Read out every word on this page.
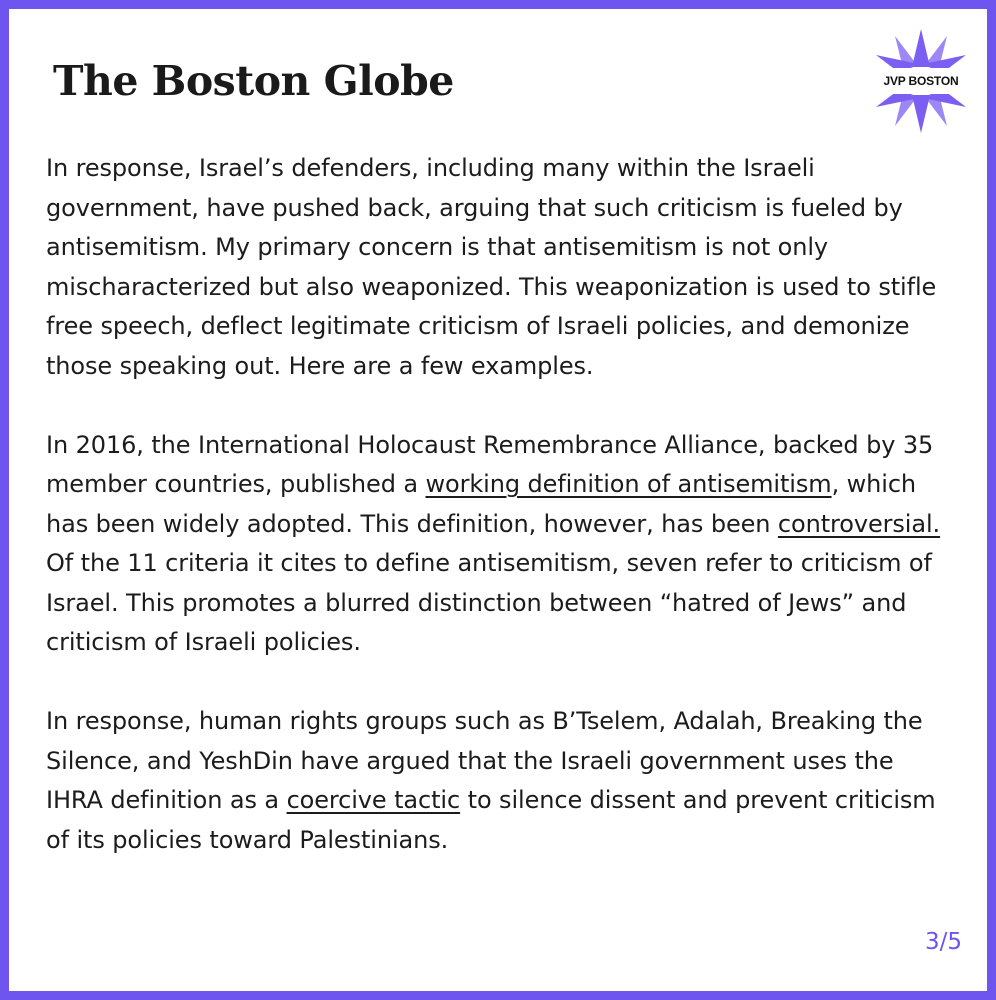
The Boston Globe	JVP BOSTON

In response, Israel’s defenders, including many within the Israeli government, have pushed back, arguing that such criticism is fueled by antisemitism. My primary concern is that antisemitism is not only mischaracterized but also weaponized. This weaponization is used to stifle free speech, deflect legitimate criticism of Israeli policies, and demonize those speaking out. Here are a few examples.

In 2016, the International Holocaust Remembrance Alliance, backed by 35 member countries, published a working definition of antisemitism, which has been widely adopted. This definition, however, has been controversial. Of the 11 criteria it cites to define antisemitism, seven refer to criticism of Israel. This promotes a blurred distinction between “hatred of Jews” and criticism of Israeli policies.

In response, human rights groups such as B’Tselem, Adalah, Breaking the Silence, and YeshDin have argued that the Israeli government uses the IHRA definition as a coercive tactic to silence dissent and prevent criticism of its policies toward Palestinians.

3/5
